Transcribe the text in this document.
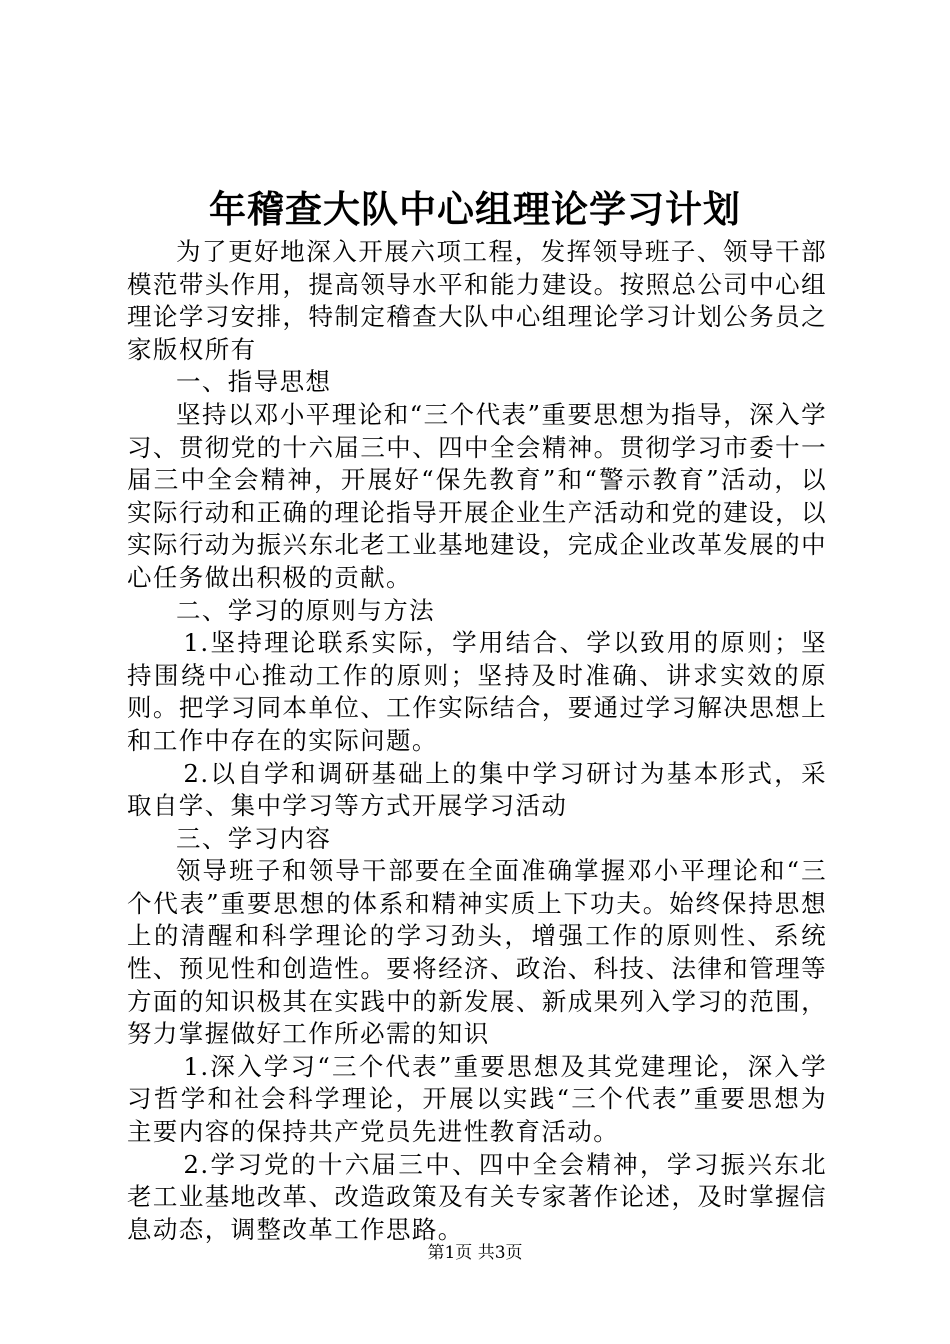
年稽查大队中心组理论学习计划

为了更好地深入开展六项工程，发挥领导班子、领导干部模范带头作用，提高领导水平和能力建设。按照总公司中心组理论学习安排，特制定稽查大队中心组理论学习计划公务员之家版权所有

一、指导思想

坚持以邓小平理论和“三个代表”重要思想为指导，深入学习、贯彻党的十六届三中、四中全会精神。贯彻学习市委十一届三中全会精神，开展好“保先教育”和“警示教育”活动，以实际行动和正确的理论指导开展企业生产活动和党的建设，以实际行动为振兴东北老工业基地建设，完成企业改革发展的中心任务做出积极的贡献。

二、学习的原则与方法

1.坚持理论联系实际，学用结合、学以致用的原则；坚持围绕中心推动工作的原则；坚持及时准确、讲求实效的原则。把学习同本单位、工作实际结合，要通过学习解决思想上和工作中存在的实际问题。

2.以自学和调研基础上的集中学习研讨为基本形式，采取自学、集中学习等方式开展学习活动

三、学习内容

领导班子和领导干部要在全面准确掌握邓小平理论和“三个代表”重要思想的体系和精神实质上下功夫。始终保持思想上的清醒和科学理论的学习劲头，增强工作的原则性、系统性、预见性和创造性。要将经济、政治、科技、法律和管理等方面的知识极其在实践中的新发展、新成果列入学习的范围，努力掌握做好工作所必需的知识

1.深入学习“三个代表”重要思想及其党建理论，深入学习哲学和社会科学理论，开展以实践“三个代表”重要思想为主要内容的保持共产党员先进性教育活动。

2.学习党的十六届三中、四中全会精神，学习振兴东北老工业基地改革、改造政策及有关专家著作论述，及时掌握信息动态，调整改革工作思路。

第1页 共3页
